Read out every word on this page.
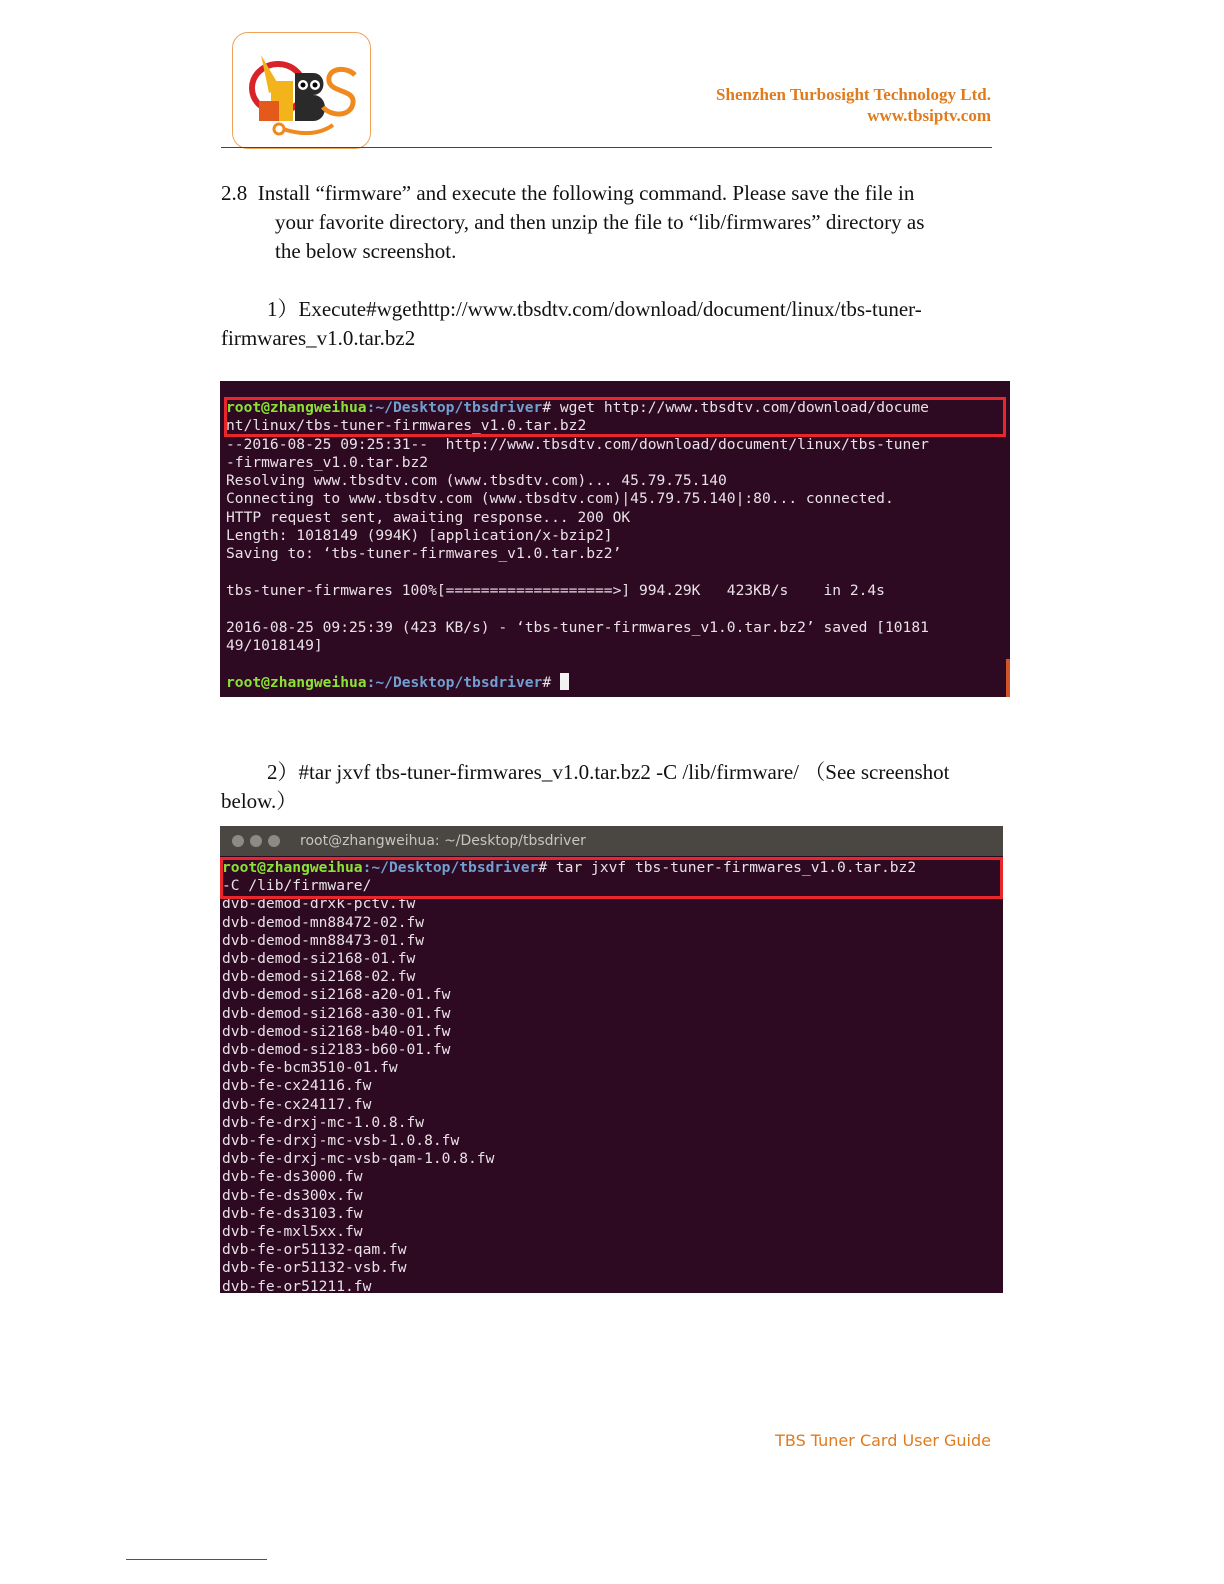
Shenzhen Turbosight Technology Ltd.
www.tbsiptv.com
2.8 Install “firmware” and execute the following command. Please save the file in
your favorite directory, and then unzip the file to “lib/firmwares” directory as
the below screenshot.
1）Execute#wgethttp://www.tbsdtv.com/download/document/linux/tbs-tuner-
firmwares_v1.0.tar.bz2
root@zhangweihua:~/Desktop/tbsdriver# wget http://www.tbsdtv.com/download/docume
nt/linux/tbs-tuner-firmwares_v1.0.tar.bz2
--2016-08-25 09:25:31--  http://www.tbsdtv.com/download/document/linux/tbs-tuner
-firmwares_v1.0.tar.bz2
Resolving www.tbsdtv.com (www.tbsdtv.com)... 45.79.75.140
Connecting to www.tbsdtv.com (www.tbsdtv.com)|45.79.75.140|:80... connected.
HTTP request sent, awaiting response... 200 OK
Length: 1018149 (994K) [application/x-bzip2]
Saving to: ‘tbs-tuner-firmwares_v1.0.tar.bz2’

tbs-tuner-firmwares 100%[===================>] 994.29K   423KB/s    in 2.4s

2016-08-25 09:25:39 (423 KB/s) - ‘tbs-tuner-firmwares_v1.0.tar.bz2’ saved [10181
49/1018149]

root@zhangweihua:~/Desktop/tbsdriver#
2）#tar jxvf tbs-tuner-firmwares_v1.0.tar.bz2 -C /lib/firmware/ （See screenshot
below.）
root@zhangweihua: ~/Desktop/tbsdriver
root@zhangweihua:~/Desktop/tbsdriver# tar jxvf tbs-tuner-firmwares_v1.0.tar.bz2
-C /lib/firmware/
dvb-demod-drxk-pctv.fw
dvb-demod-mn88472-02.fw
dvb-demod-mn88473-01.fw
dvb-demod-si2168-01.fw
dvb-demod-si2168-02.fw
dvb-demod-si2168-a20-01.fw
dvb-demod-si2168-a30-01.fw
dvb-demod-si2168-b40-01.fw
dvb-demod-si2183-b60-01.fw
dvb-fe-bcm3510-01.fw
dvb-fe-cx24116.fw
dvb-fe-cx24117.fw
dvb-fe-drxj-mc-1.0.8.fw
dvb-fe-drxj-mc-vsb-1.0.8.fw
dvb-fe-drxj-mc-vsb-qam-1.0.8.fw
dvb-fe-ds3000.fw
dvb-fe-ds300x.fw
dvb-fe-ds3103.fw
dvb-fe-mxl5xx.fw
dvb-fe-or51132-qam.fw
dvb-fe-or51132-vsb.fw
dvb-fe-or51211.fw

TBS Tuner Card User Guide
